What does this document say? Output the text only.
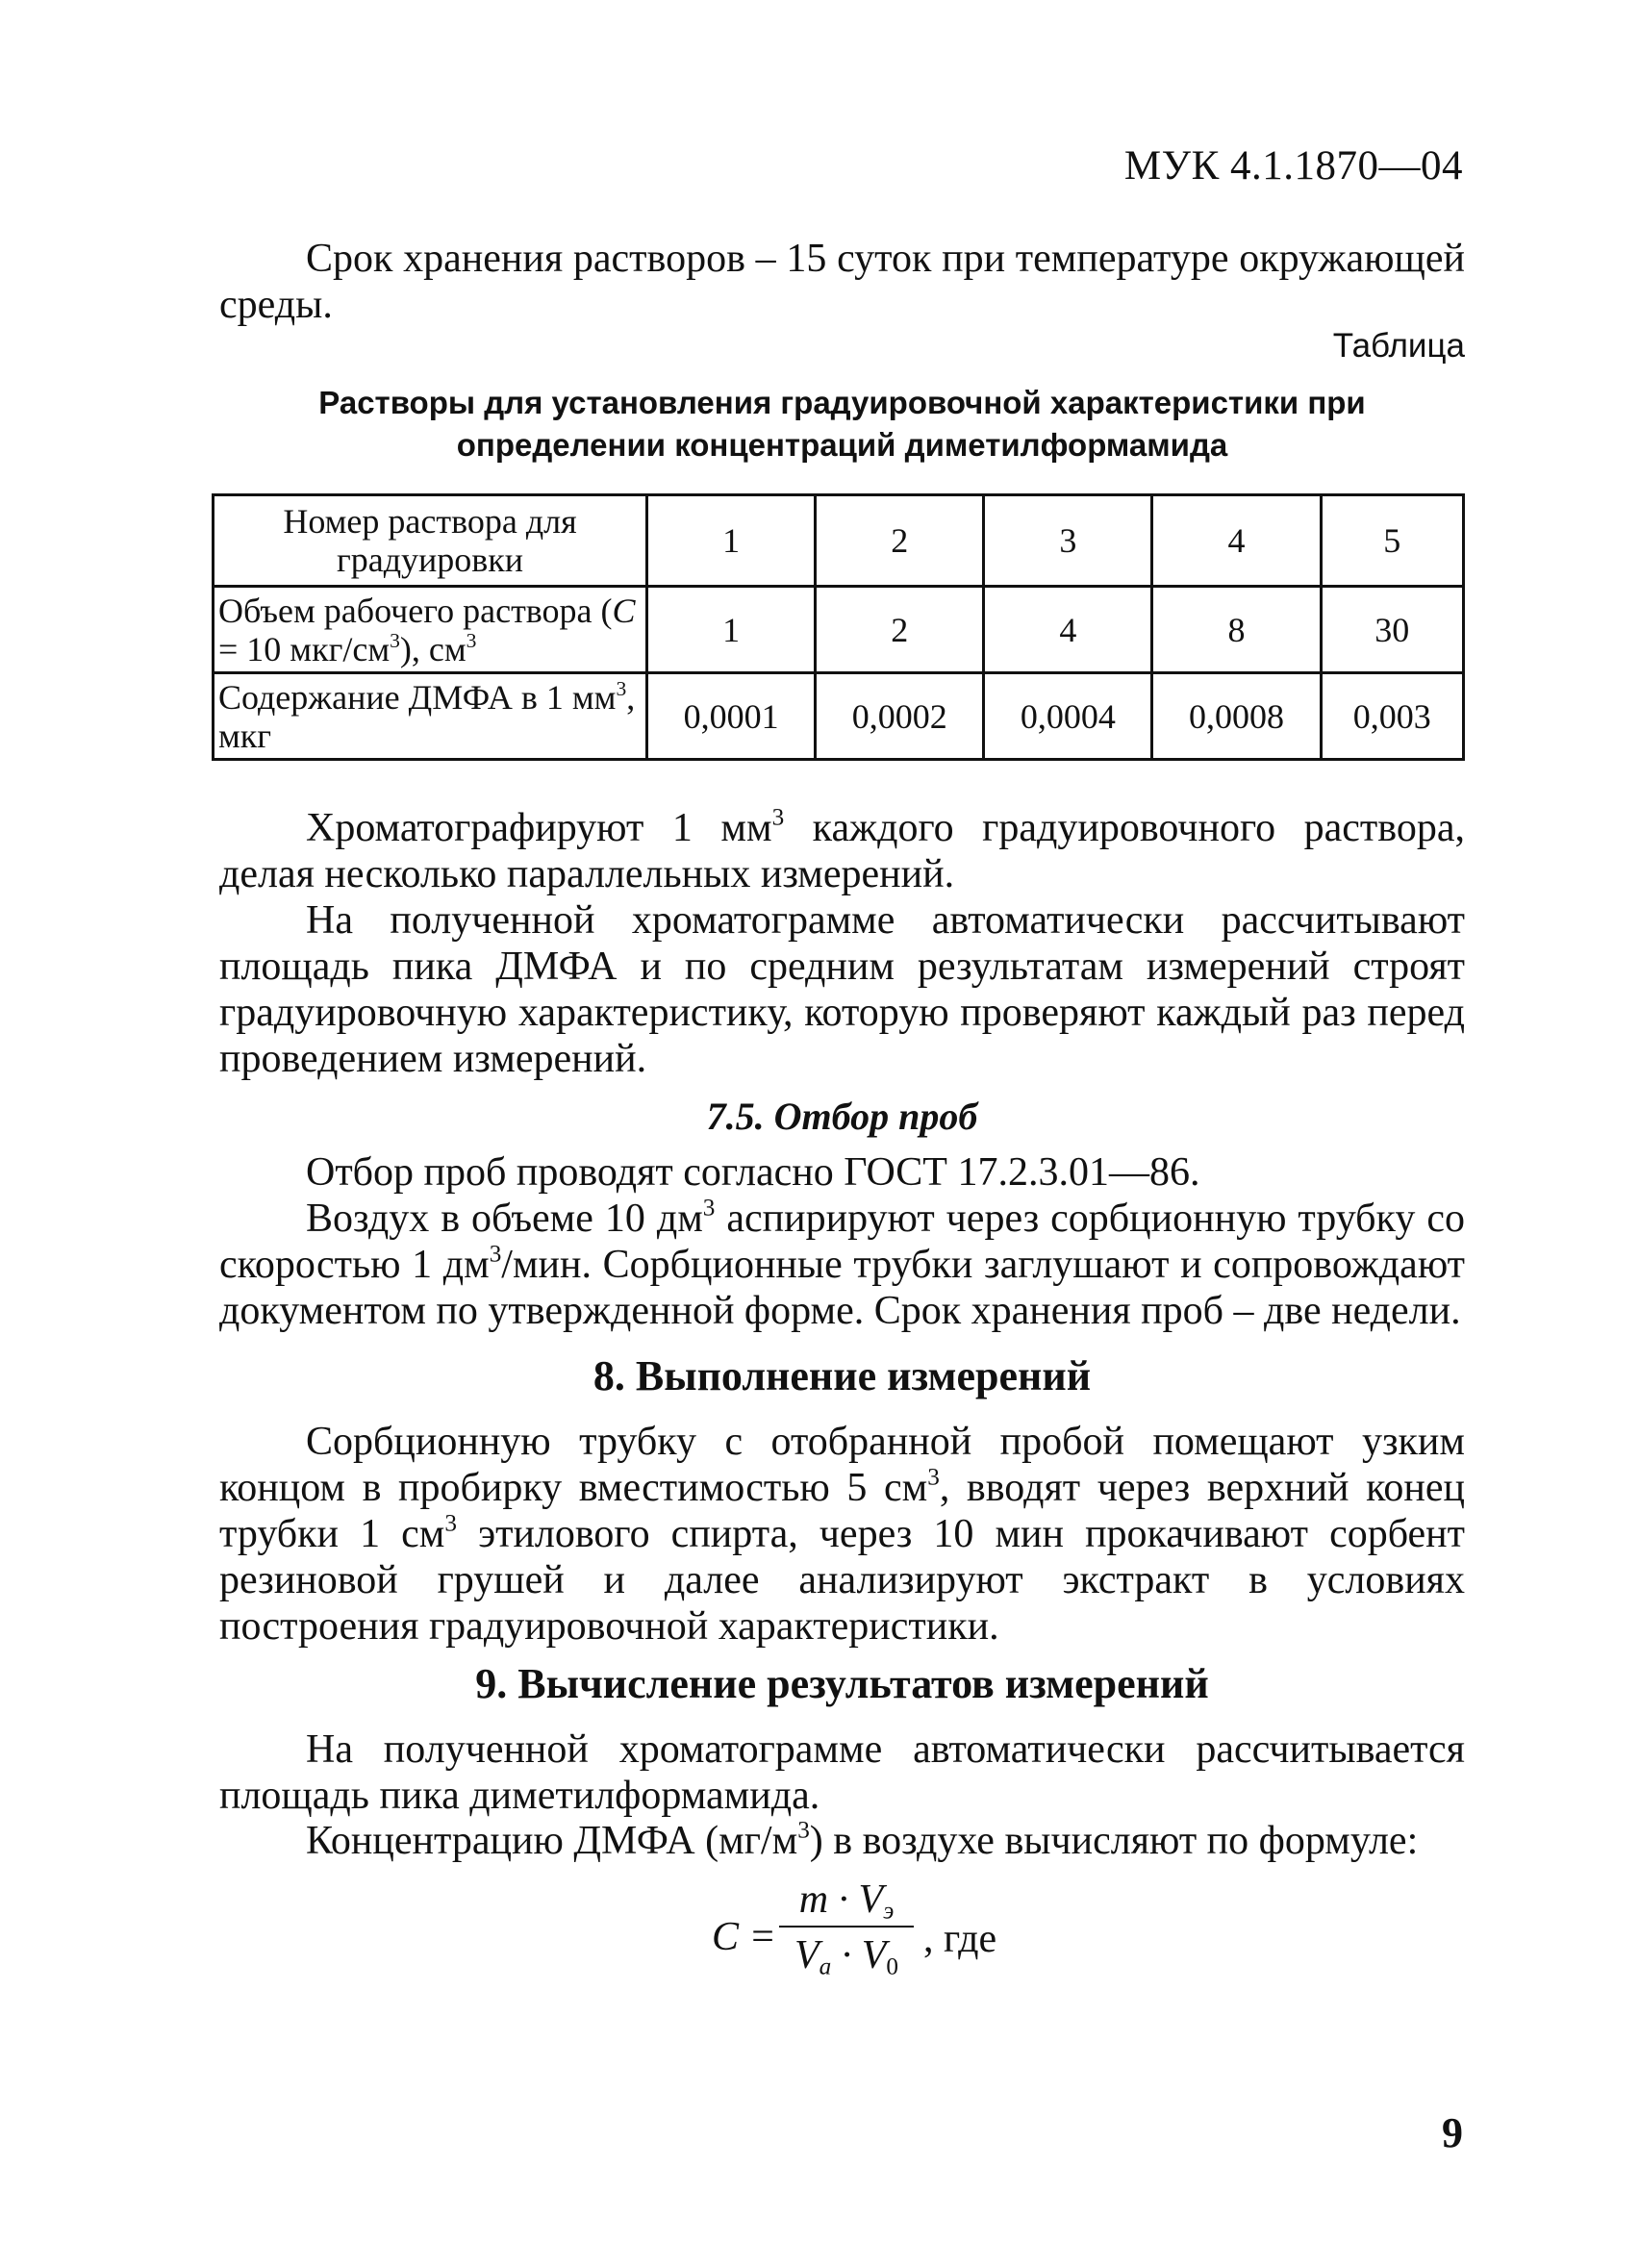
МУК 4.1.1870—04
Срок хранения растворов – 15 суток при температуре окружающей среды.
Таблица
Растворы для установления градуировочной характеристики при определении концентраций диметилформамида
Номер раствора для градуировки	1	2	3	4	5
Объем рабочего раствора (C = 10 мкг/$см^3$), $см^3$	1	2	4	8	30
Содержание ДМФА в 1 $мм^3$, мкг	0,0001	0,0002	0,0004	0,0008	0,003
Хроматографируют 1 $мм^3$ каждого градуировочного раствора, делая несколько параллельных измерений.
На полученной хроматограмме автоматически рассчитывают площадь пика ДМФА и по средним результатам измерений строят градуировочную характеристику, которую проверяют каждый раз перед проведением измерений.
7.5. Отбор проб
Отбор проб проводят согласно ГОСТ 17.2.3.01—86.
Воздух в объеме 10 $дм^3$ аспирируют через сорбционную трубку со скоростью 1 $дм^3$/мин. Сорбционные трубки заглушают и сопровождают документом по утвержденной форме. Срок хранения проб – две недели.
8. Выполнение измерений
Сорбционную трубку с отобранной пробой помещают узким концом в пробирку вместимостью 5 $см^3$, вводят через верхний конец трубки 1 $см^3$ этилового спирта, через 10 мин прокачивают сорбент резиновой грушей и далее анализируют экстракт в условиях построения градуировочной характеристики.
9. Вычисление результатов измерений
На полученной хроматограмме автоматически рассчитывается площадь пика диметилформамида.
Концентрацию ДМФА $(мг/м^3)$ в воздухе вычисляют по формуле:
C =
$m \cdot V_э$
$V_a \cdot V_0$
, где
9
